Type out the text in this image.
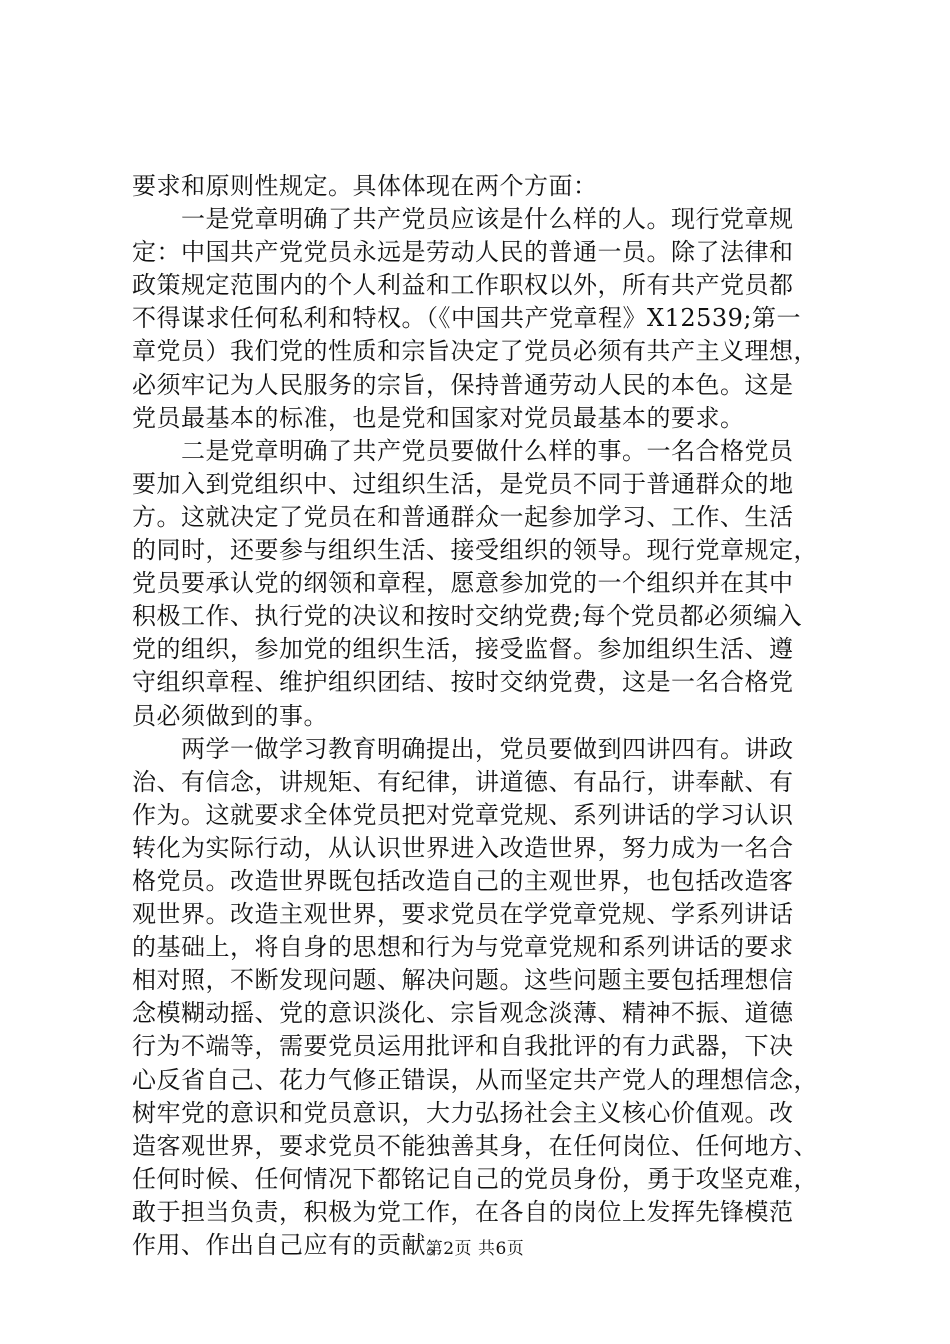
要求和原则性规定。具体体现在两个方面：
　　一是党章明确了共产党员应该是什么样的人。现行党章规
定：中国共产党党员永远是劳动人民的普通一员。除了法律和
政策规定范围内的个人利益和工作职权以外，所有共产党员都
不得谋求任何私利和特权。（《中国共产党章程》X12539;第一
章党员）我们党的性质和宗旨决定了党员必须有共产主义理想，
必须牢记为人民服务的宗旨，保持普通劳动人民的本色。这是
党员最基本的标准，也是党和国家对党员最基本的要求。
　　二是党章明确了共产党员要做什么样的事。一名合格党员
要加入到党组织中、过组织生活，是党员不同于普通群众的地
方。这就决定了党员在和普通群众一起参加学习、工作、生活
的同时，还要参与组织生活、接受组织的领导。现行党章规定，
党员要承认党的纲领和章程，愿意参加党的一个组织并在其中
积极工作、执行党的决议和按时交纳党费;每个党员都必须编入
党的组织，参加党的组织生活，接受监督。参加组织生活、遵
守组织章程、维护组织团结、按时交纳党费，这是一名合格党
员必须做到的事。
　　两学一做学习教育明确提出，党员要做到四讲四有。讲政
治、有信念，讲规矩、有纪律，讲道德、有品行，讲奉献、有
作为。这就要求全体党员把对党章党规、系列讲话的学习认识
转化为实际行动，从认识世界进入改造世界，努力成为一名合
格党员。改造世界既包括改造自己的主观世界，也包括改造客
观世界。改造主观世界，要求党员在学党章党规、学系列讲话
的基础上，将自身的思想和行为与党章党规和系列讲话的要求
相对照，不断发现问题、解决问题。这些问题主要包括理想信
念模糊动摇、党的意识淡化、宗旨观念淡薄、精神不振、道德
行为不端等，需要党员运用批评和自我批评的有力武器，下决
心反省自己、花力气修正错误，从而坚定共产党人的理想信念，
树牢党的意识和党员意识，大力弘扬社会主义核心价值观。改
造客观世界，要求党员不能独善其身，在任何岗位、任何地方、
任何时候、任何情况下都铭记自己的党员身份，勇于攻坚克难，
敢于担当负责，积极为党工作，在各自的岗位上发挥先锋模范
作用、作出自己应有的贡献。
第2页 共6页
